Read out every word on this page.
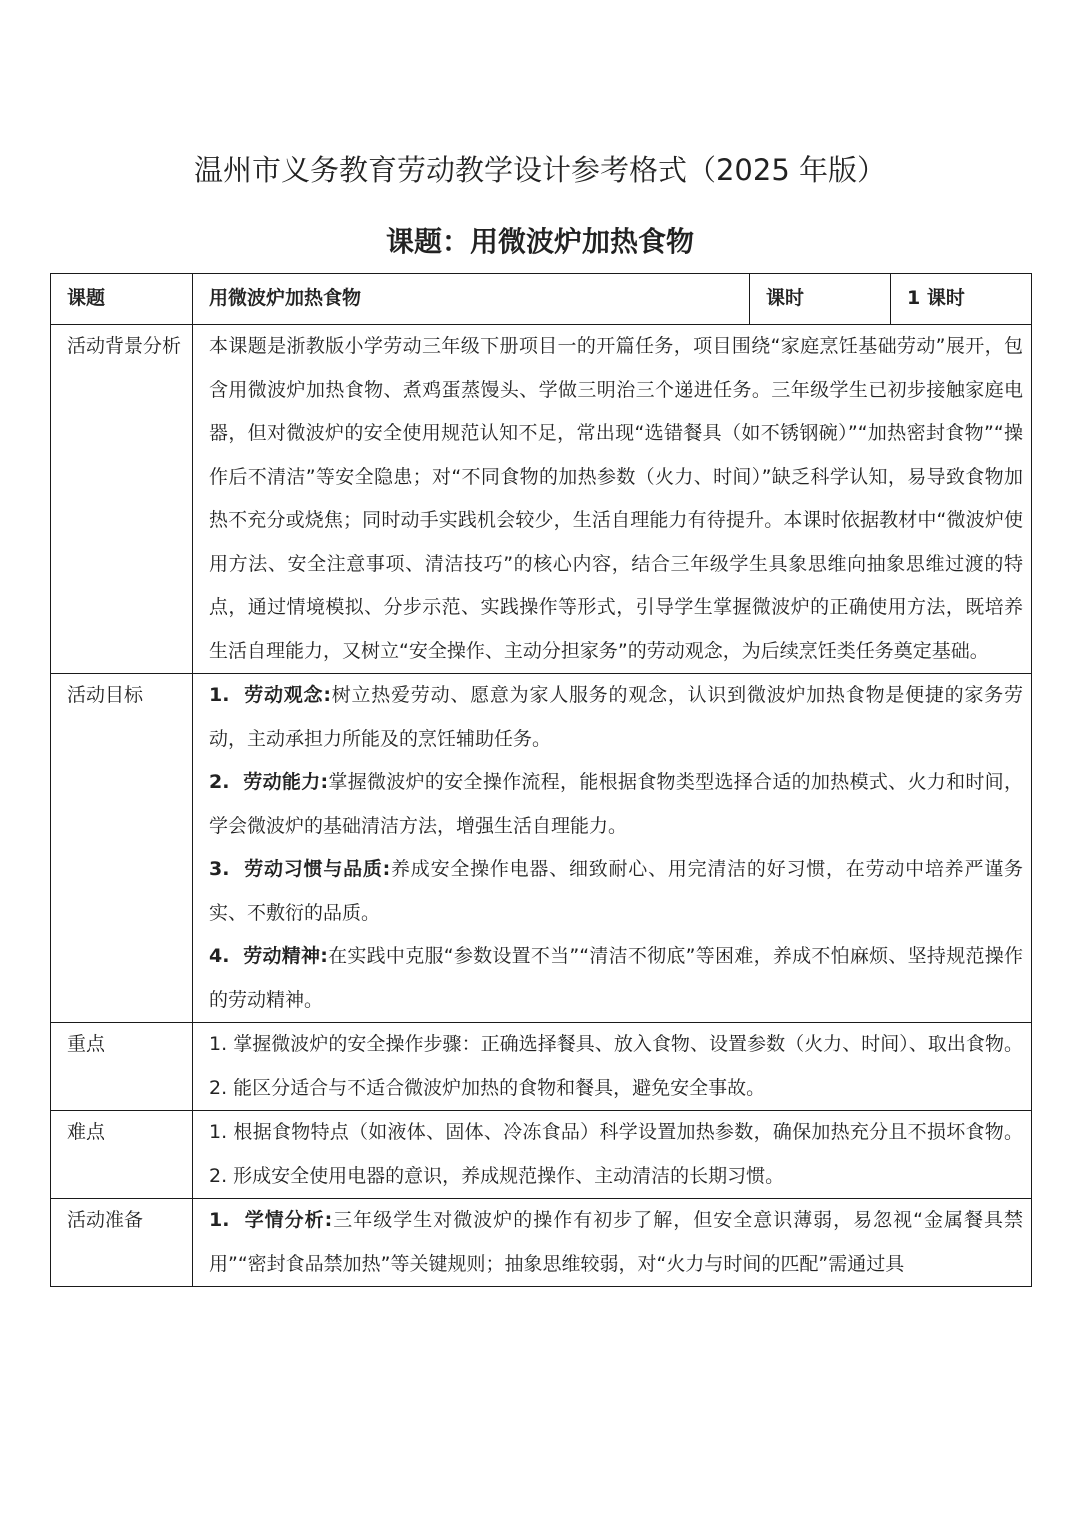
温州市义务教育劳动教学设计参考格式（2025 年版）
课题：用微波炉加热食物
课题	用微波炉加热食物	课时	1 课时
活动背景分析	本课题是浙教版小学劳动三年级下册项目一的开篇任务，项目围绕“家庭烹饪基础劳动”展开，包含用微波炉加热食物、煮鸡蛋蒸馒头、学做三明治三个递进任务。三年级学生已初步接触家庭电器，但对微波炉的安全使用规范认知不足，常出现“选错餐具（如不锈钢碗）”“加热密封食物”“操作后不清洁”等安全隐患；对“不同食物的加热参数（火力、时间）”缺乏科学认知，易导致食物加热不充分或烧焦；同时动手实践机会较少，生活自理能力有待提升。本课时依据教材中“微波炉使用方法、安全注意事项、清洁技巧”的核心内容，结合三年级学生具象思维向抽象思维过渡的特点，通过情境模拟、分步示范、实践操作等形式，引导学生掌握微波炉的正确使用方法，既培养生活自理能力，又树立“安全操作、主动分担家务”的劳动观念，为后续烹饪类任务奠定基础。		

活动目标	1. 劳动观念:树立热爱劳动、愿意为家人服务的观念，认识到微波炉加热食物是便捷的家务劳动，主动承担力所能及的烹饪辅助任务。

2. 劳动能力:掌握微波炉的安全操作流程，能根据食物类型选择合适的加热模式、火力和时间，学会微波炉的基础清洁方法，增强生活自理能力。

3. 劳动习惯与品质:养成安全操作电器、细致耐心、用完清洁的好习惯，在劳动中培养严谨务实、不敷衍的品质。

4. 劳动精神:在实践中克服“参数设置不当”“清洁不彻底”等困难，养成不怕麻烦、坚持规范操作的劳动精神。		

重点	1. 掌握微波炉的安全操作步骤：正确选择餐具、放入食物、设置参数（火力、时间）、取出食物。 2. 能区分适合与不适合微波炉加热的食物和餐具，避免安全事故。		

难点	1. 根据食物特点（如液体、固体、冷冻食品）科学设置加热参数，确保加热充分且不损坏食物。 2. 形成安全使用电器的意识，养成规范操作、主动清洁的长期习惯。		

活动准备	1. 学情分析:三年级学生对微波炉的操作有初步了解，但安全意识薄弱，易忽视“金属餐具禁用”“密封食品禁加热”等关键规则；抽象思维较弱，对“火力与时间的匹配”需通过具		
